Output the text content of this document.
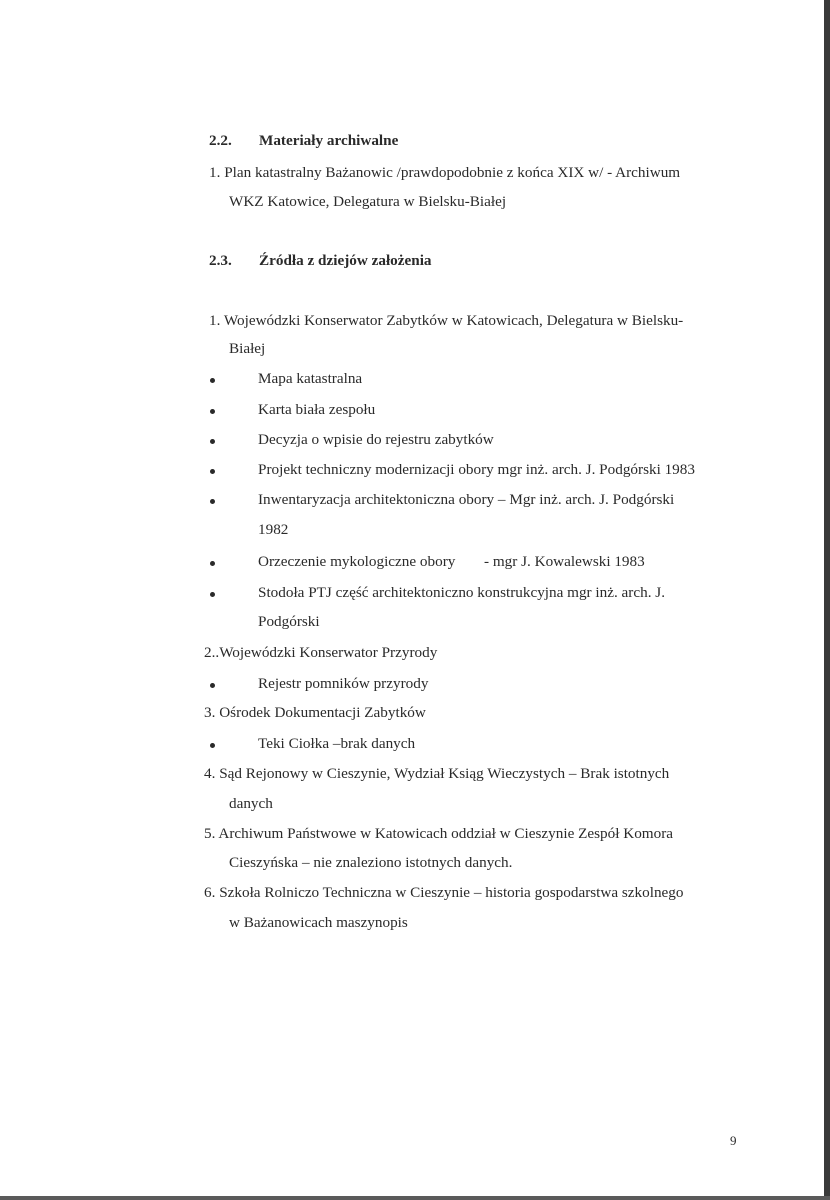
2.2. Materiały archiwalne
1. Plan katastralny Bażanowic /prawdopodobnie z końca XIX w/ - Archiwum
WKZ Katowice, Delegatura w Bielsku-Białej
2.3. Źródła z dziejów założenia
1. Wojewódzki Konserwator Zabytków w Katowicach, Delegatura w Bielsku-
Białej
Mapa katastralna
Karta biała zespołu
Decyzja o wpisie do rejestru zabytków
Projekt techniczny modernizacji obory mgr inż. arch. J. Podgórski 1983
Inwentaryzacja architektoniczna obory – Mgr inż. arch. J. Podgórski
1982
Orzeczenie mykologiczne obory - mgr J. Kowalewski 1983
Stodoła PTJ część architektoniczno konstrukcyjna mgr inż. arch. J.
Podgórski
2..Wojewódzki Konserwator Przyrody
Rejestr pomników przyrody
3. Ośrodek Dokumentacji Zabytków
Teki Ciołka –brak danych
4. Sąd Rejonowy w Cieszynie, Wydział Ksiąg Wieczystych – Brak istotnych
danych
5. Archiwum Państwowe w Katowicach oddział w Cieszynie Zespół Komora
Cieszyńska – nie znaleziono istotnych danych.
6. Szkoła Rolniczo Techniczna w Cieszynie – historia gospodarstwa szkolnego
w Bażanowicach maszynopis
9
